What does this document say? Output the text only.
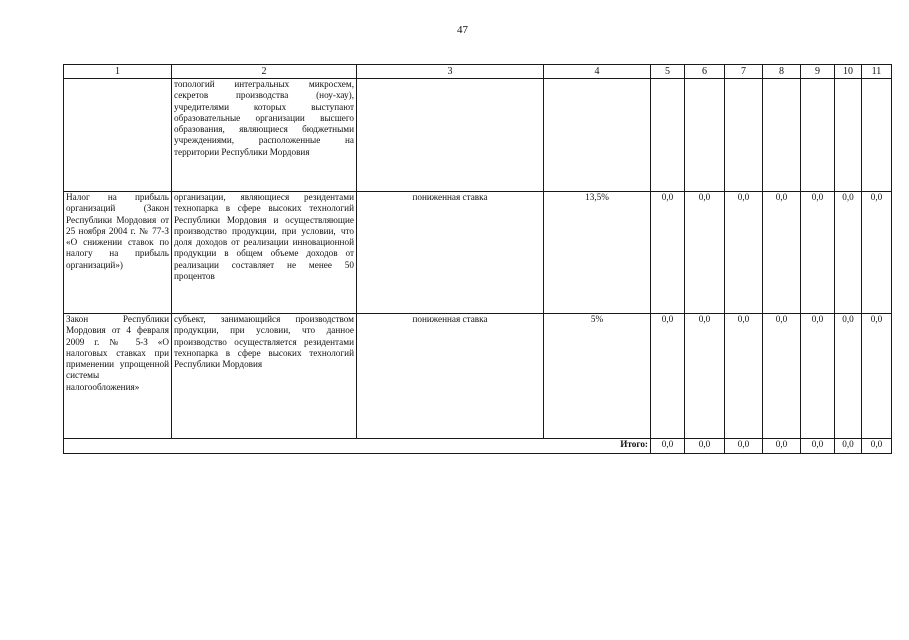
47
1	2	3	4	5	6	7	8	9	10	11
	топологий интегральных микросхем, секретов производства (ноу-хау), учредителями которых выступают образовательные организации высшего образования, являющиеся бюджетными учреждениями, расположенные на территории Республики Мордовия									
Налог на прибыль организаций (Закон Республики Мордовия от 25 ноября 2004 г. № 77-З «О снижении ставок по налогу на прибыль организаций»)	организации, являющиеся резидентами технопарка в сфере высоких технологий Республики Мордовия и осуществляющие производство продукции, при условии, что доля доходов от реализации инновационной продукции в общем объеме доходов от реализации составляет не менее 50 процентов	пониженная ставка	13,5%	0,0	0,0	0,0	0,0	0,0	0,0	0,0
Закон Республики Мордовия от 4 февраля 2009 г. № 5-З «О налоговых ставках при применении упрощенной системы налогообложения»	субъект, занимающийся производством продукции, при условии, что данное производство осуществляется резидентами технопарка в сфере высоких технологий Республики Мордовия	пониженная ставка	5%	0,0	0,0	0,0	0,0	0,0	0,0	0,0
Итого:				0,0	0,0	0,0	0,0	0,0	0,0	0,0
